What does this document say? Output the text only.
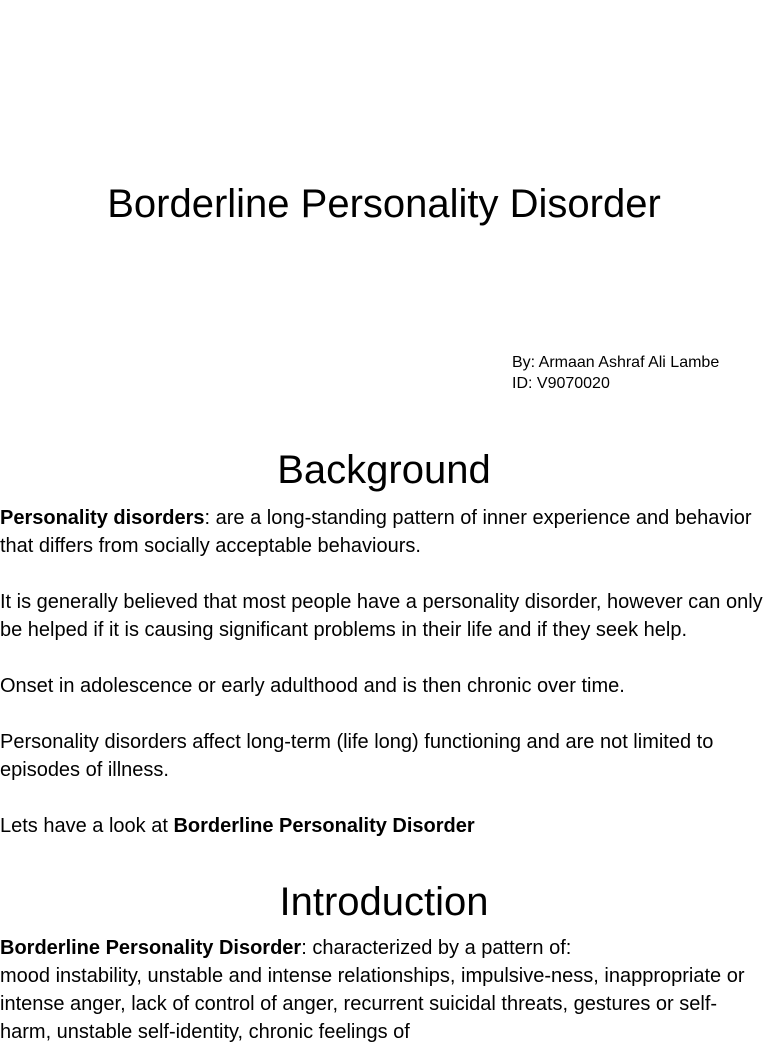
Borderline Personality Disorder
By: Armaan Ashraf Ali Lambe
ID: V9070020
Background

Personality disorders: are a long-standing pattern of inner experience and behavior that differs from socially acceptable behaviours.

It is generally believed that most people have a personality disorder, however can only be helped if it is causing significant problems in their life and if they seek help.

Onset in adolescence or early adulthood and is then chronic over time.

Personality disorders affect long-term (life long) functioning and are not limited to episodes of illness.

Lets have a look at Borderline Personality Disorder

Introduction

Borderline Personality Disorder: characterized by a pattern of:
mood instability, unstable and intense relationships, impulsive-ness, inappropriate or intense anger, lack of control of anger, recurrent suicidal threats, gestures or self-harm, unstable self-identity, chronic feelings of
